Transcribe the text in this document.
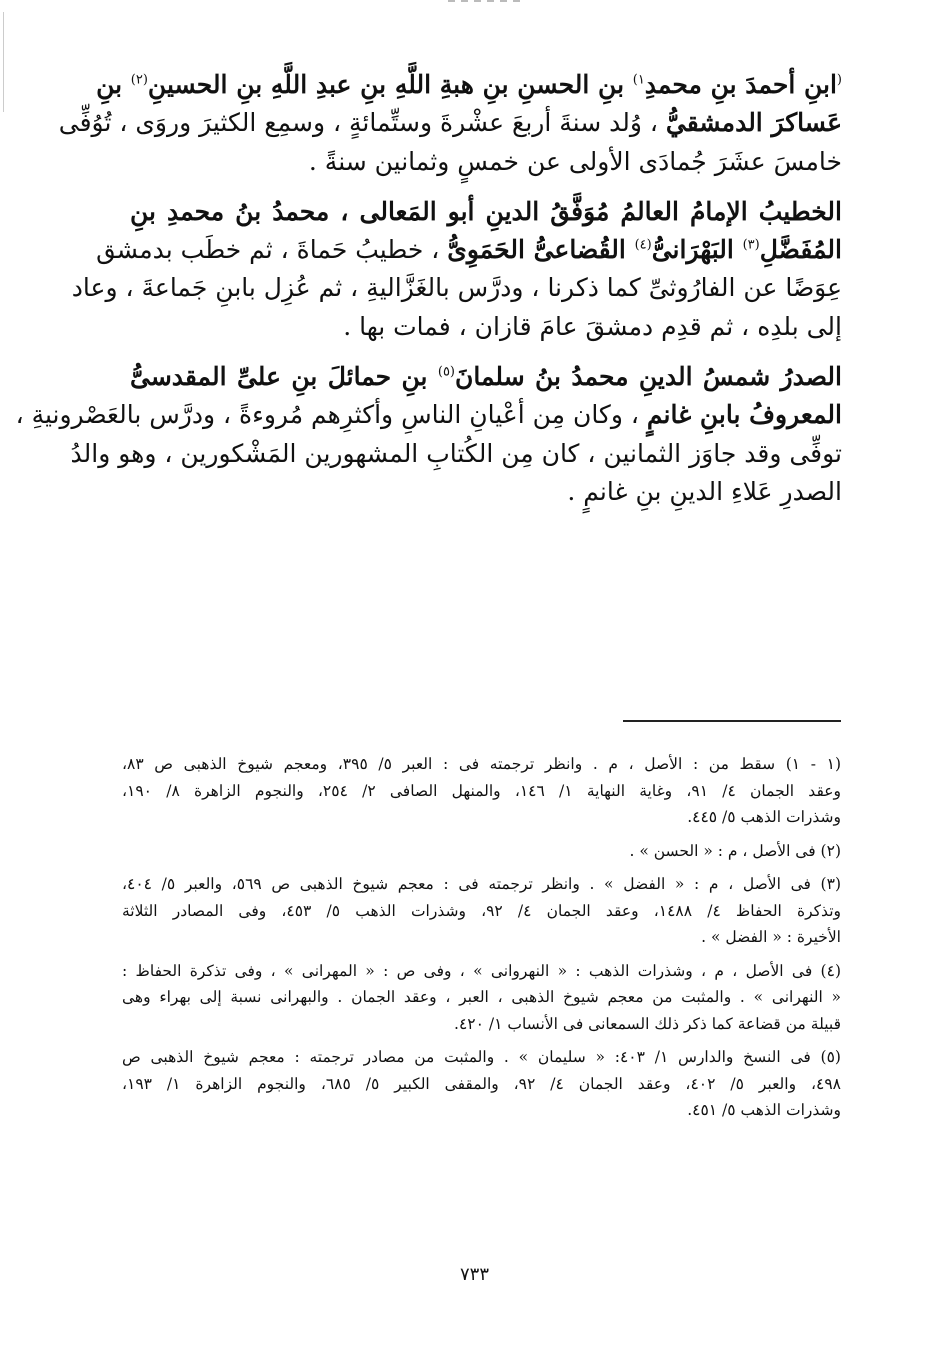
(ابنِ أحمدَ بنِ محمدِ$^{١)}$ بنِ الحسنِ بنِ هبةِ اللَّهِ بنِ عبدِ اللَّهِ بنِ الحسينِ$^{(٢)}$ بنِ
عَساكرَ الدمشقيُّ ، وُلد سنةَ أربعَ عشْرةَ وستِّمائةٍ ، وسمِع الكثيرَ وروَى ، تُوُفِّى
خامسَ عشَرَ جُمادَى الأولى عن خمسٍ وثمانين سنةً .
الخطيبُ الإمامُ العالمُ مُوَفَّقُ الدينِ أبو المَعالى ، محمدُ بنُ محمدِ بنِ
المُفَضَّلِ$^{(٣)}$ البَهْرَانىُّ$^{(٤)}$ القُضاعىُّ الحَمَوِىُّ ، خطيبُ حَماةَ ، ثم خطَب بدمشق
عِوَضًا عن الفارُوثىِّ كما ذكرنا ، ودرَّس بالغَزَّاليةِ ، ثم عُزِل بابنِ جَماعةَ ، وعاد
إلى بلدِه ، ثم قدِم دمشقَ عامَ قازان ، فمات بها .
الصدرُ شمسُ الدينِ محمدُ بنُ سلمانَ$^{(٥)}$ بنِ حمائلَ بنِ علىِّ المقدسىُّ
المعروفُ بابنِ غانمٍ ، وكان مِن أعْيانِ الناسِ وأكثرِهم مُروءةً ، ودرَّس بالعَصْرونيةِ ،
توفِّى وقد جاوَز الثمانين ، كان مِن الكُتابِ المشهورين المَشْكورين ، وهو والدُ
الصدرِ عَلاءِ الدينِ بنِ غانمٍ .
(١ - ١) سقط من : الأصل ، م . وانظر ترجمته فى : العبر ٥/ ٣٩٥، ومعجم شيوخ الذهبى ص ٨٣،
وعقد الجمان ٤/ ٩١، وغاية النهاية ١/ ١٤٦، والمنهل الصافى ٢/ ٢٥٤، والنجوم الزاهرة ٨/ ١٩٠،
وشذرات الذهب ٥/ ٤٤٥.
(٢) فى الأصل ، م : « الحسن » .
(٣) فى الأصل ، م : « الفضل » . وانظر ترجمته فى : معجم شيوخ الذهبى ص ٥٦٩، والعبر ٥/ ٤٠٤،
وتذكرة الحفاظ ٤/ ١٤٨٨، وعقد الجمان ٤/ ٩٢، وشذرات الذهب ٥/ ٤٥٣، وفى المصادر الثلاثة
الأخيرة : « الفضل » .
(٤) فى الأصل ، م ، وشذرات الذهب : « النهروانى » ، وفى ص : « المهرانى » ، وفى تذكرة الحفاظ :
« النهرانى » . والمثبت من معجم شيوخ الذهبى ، العبر ، وعقد الجمان . والبهرانى نسبة إلى بهراء وهى
قبيلة من قضاعة كما ذكر ذلك السمعانى فى الأنساب ١/ ٤٢٠.
(٥) فى النسخ والدارس ١/ ٤٠٣: « سليمان » . والمثبت من مصادر ترجمته : معجم شيوخ الذهبى ص
٤٩٨، والعبر ٥/ ٤٠٢، وعقد الجمان ٤/ ٩٢، والمقفى الكبير ٥/ ٦٨٥، والنجوم الزاهرة ١/ ١٩٣،
وشذرات الذهب ٥/ ٤٥١.
٧٣٣
